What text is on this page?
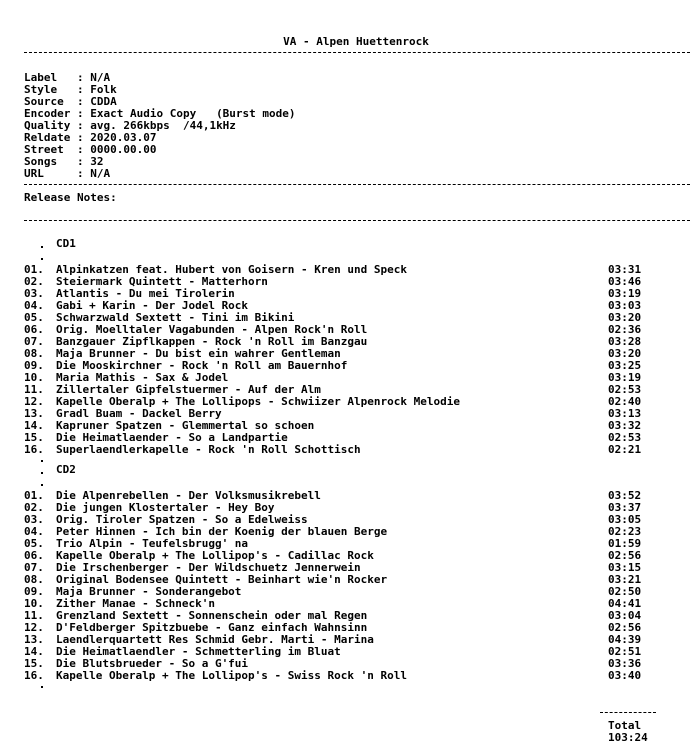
VA - Alpen Huettenrock
Label   : N/A
Style   : Folk
Source  : CDDA
Encoder : Exact Audio Copy   (Burst mode)
Quality : avg. 266kbps  /44,1kHz
Reldate : 2020.03.07
Street  : 0000.00.00
Songs   : 32
URL     : N/A
Release Notes:
CD1
01. Alpinkatzen feat. Hubert von Goisern - Kren und Speck	03:31
02. Steiermark Quintett - Matterhorn	03:46
03. Atlantis - Du mei Tirolerin	03:19
04. Gabi + Karin - Der Jodel Rock	03:03
05. Schwarzwald Sextett - Tini im Bikini	03:20
06. Orig. Moelltaler Vagabunden - Alpen Rock'n Roll	02:36
07. Banzgauer Zipflkappen - Rock 'n Roll im Banzgau	03:28
08. Maja Brunner - Du bist ein wahrer Gentleman	03:20
09. Die Mooskirchner - Rock 'n Roll am Bauernhof	03:25
10. Maria Mathis - Sax & Jodel	03:19
11. Zillertaler Gipfelstuermer - Auf der Alm	02:53
12. Kapelle Oberalp + The Lollipops - Schwiizer Alpenrock Melodie	02:40
13. Gradl Buam - Dackel Berry	03:13
14. Kapruner Spatzen - Glemmertal so schoen	03:32
15. Die Heimatlaender - So a Landpartie	02:53
16. Superlaendlerkapelle - Rock 'n Roll Schottisch	02:21
CD2
01. Die Alpenrebellen - Der Volksmusikrebell	03:52
02. Die jungen Klostertaler - Hey Boy	03:37
03. Orig. Tiroler Spatzen - So a Edelweiss	03:05
04. Peter Hinnen - Ich bin der Koenig der blauen Berge	02:23
05. Trio Alpin - Teufelsbrugg' na	01:59
06. Kapelle Oberalp + The Lollipop's - Cadillac Rock	02:56
07. Die Irschenberger - Der Wildschuetz Jennerwein	03:15
08. Original Bodensee Quintett - Beinhart wie'n Rocker	03:21
09. Maja Brunner - Sonderangebot	02:50
10. Zither Manae - Schneck'n	04:41
11. Grenzland Sextett - Sonnenschein oder mal Regen	03:04
12. D'Feldberger Spitzbuebe - Ganz einfach Wahnsinn	02:56
13. Laendlerquartett Res Schmid Gebr. Marti - Marina	04:39
14. Die Heimatlaendler - Schmetterling im Bluat	02:51
15. Die Blutsbrueder - So a G'fui	03:36
16. Kapelle Oberalp + The Lollipop's - Swiss Rock 'n Roll	03:40
Total
103:24
